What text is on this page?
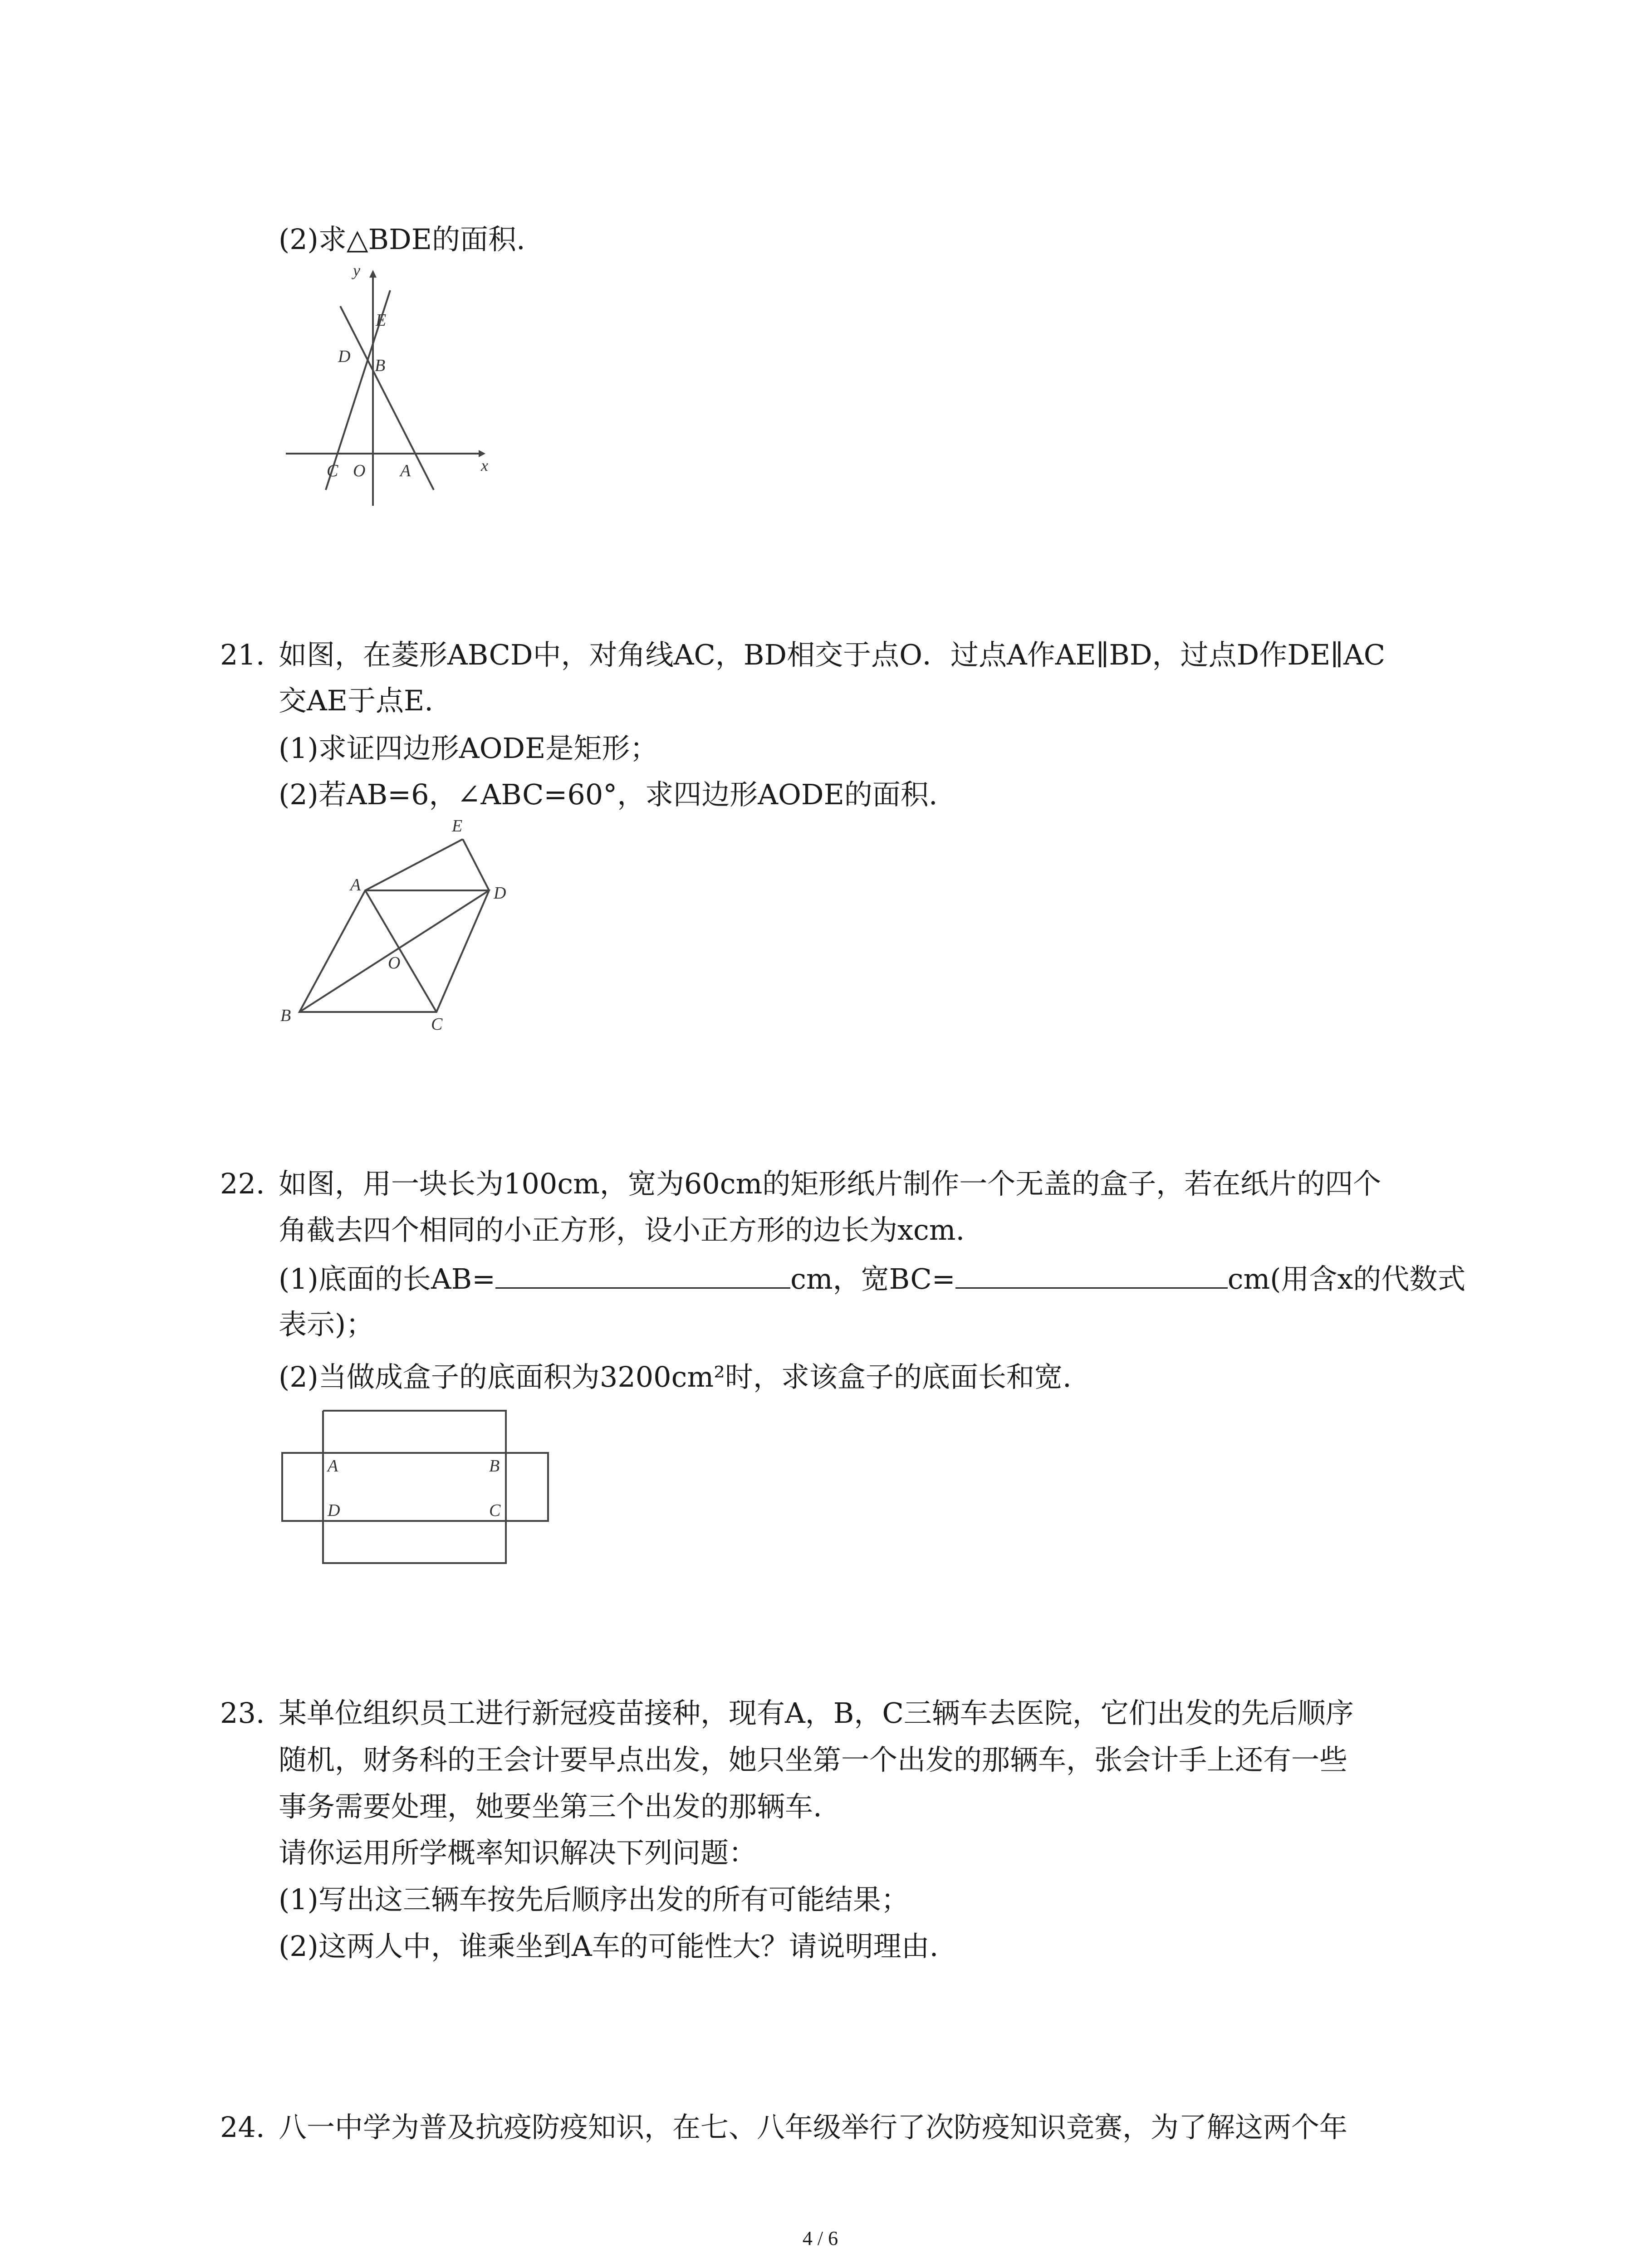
(2)求△BDE的面积.
y
E
D B
C O A	x
21. 如图，在菱形ABCD中，对角线AC，BD相交于点O．过点A作AE∥BD，过点D作DE∥AC
交AE于点E.
(1)求证四边形AODE是矩形；
(2)若AB=6，∠ABC=60°，求四边形AODE的面积.
E
A	D
O
B	C
22. 如图，用一块长为100cm，宽为60cm的矩形纸片制作一个无盖的盒子，若在纸片的四个
角截去四个相同的小正方形，设小正方形的边长为xcm.
(1)底面的长AB=	cm，宽BC=	cm(用含x的代数式
表示)；
(2)当做成盒子的底面积为3200cm²时，求该盒子的底面长和宽.
A	B
D	C
23. 某单位组织员工进行新冠疫苗接种，现有A，B，C三辆车去医院，它们出发的先后顺序
随机，财务科的王会计要早点出发，她只坐第一个出发的那辆车，张会计手上还有一些
事务需要处理，她要坐第三个出发的那辆车.
请你运用所学概率知识解决下列问题：
(1)写出这三辆车按先后顺序出发的所有可能结果；
(2)这两人中，谁乘坐到A车的可能性大？请说明理由.
24. 八一中学为普及抗疫防疫知识，在七、八年级举行了次防疫知识竞赛，为了解这两个年
4 / 6
